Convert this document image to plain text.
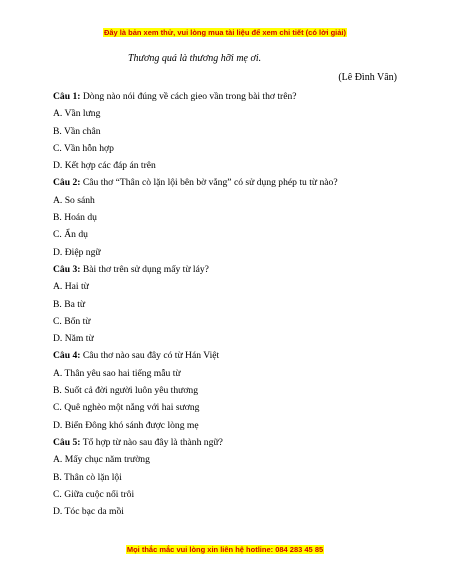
Đây là bản xem thử, vui lòng mua tài liệu để xem chi tiết (có lời giải)
Thương quá là thương hỡi mẹ ơi.
(Lê Đình Vân)
Câu 1: Dòng nào nói đúng về cách gieo vần trong bài thơ trên?
A. Vần lưng
B. Vần chân
C. Vần hỗn hợp
D. Kết hợp các đáp án trên
Câu 2: Câu thơ “Thân cò lặn lội bên bờ vắng” có sử dụng phép tu từ nào?
A. So sánh
B. Hoán dụ
C. Ẩn dụ
D. Điệp ngữ
Câu 3: Bài thơ trên sử dụng mấy từ láy?
A. Hai từ
B. Ba từ
C. Bốn từ
D. Năm từ
Câu 4: Câu thơ nào sau đây có từ Hán Việt
A. Thân yêu sao hai tiếng mẫu từ
B. Suốt cả đời người luôn yêu thương
C. Quê nghèo một nắng với hai sương
D. Biển Đông khó sánh được lòng mẹ
Câu 5: Tổ hợp từ nào sau đây là thành ngữ?
A. Mấy chục năm trường
B. Thân cò lặn lội
C. Giữa cuộc nổi trôi
D. Tóc bạc da mồi
Mọi thắc mắc vui lòng xin liên hệ hotline: 084 283 45 85
